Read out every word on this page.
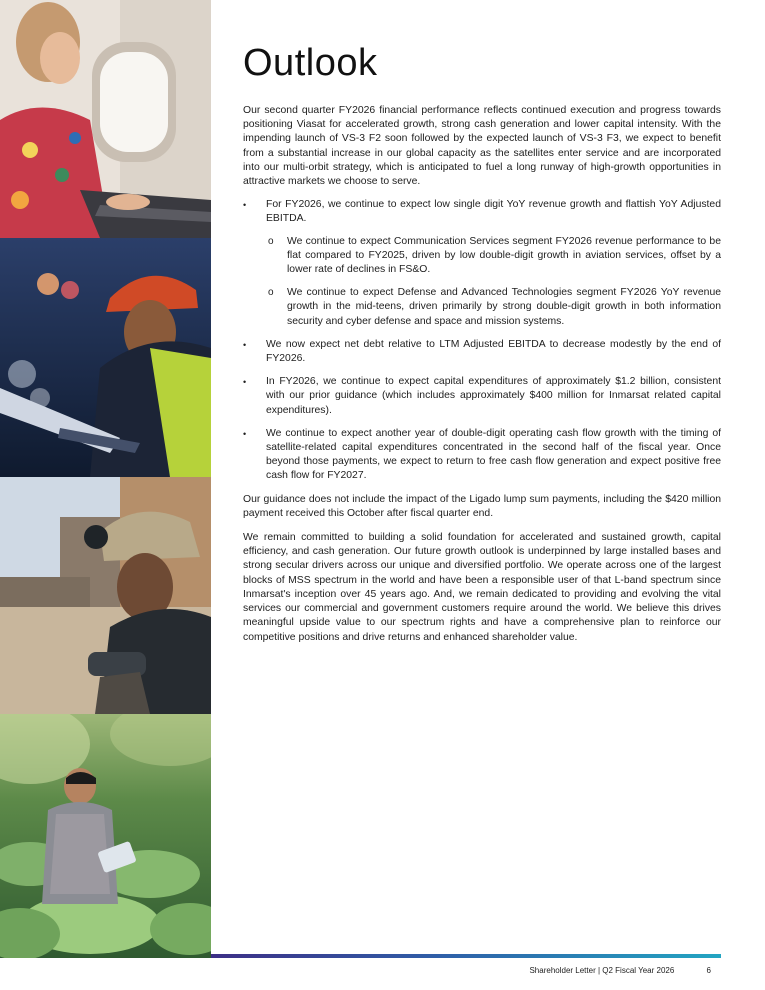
Outlook

Our second quarter FY2026 financial performance reflects continued execution and progress towards positioning Viasat for accelerated growth, strong cash generation and lower capital intensity. With the impending launch of VS-3 F2 soon followed by the expected launch of VS-3 F3, we expect to benefit from a substantial increase in our global capacity as the satellites enter service and are incorporated into our multi-orbit strategy, which is anticipated to fuel a long runway of high-growth opportunities in attractive markets we choose to serve.

• For FY2026, we continue to expect low single digit YoY revenue growth and flattish YoY Adjusted EBITDA.
o We continue to expect Communication Services segment FY2026 revenue performance to be flat compared to FY2025, driven by low double-digit growth in aviation services, offset by a lower rate of declines in FS&O.
o We continue to expect Defense and Advanced Technologies segment FY2026 YoY revenue growth in the mid-teens, driven primarily by strong double-digit growth in both information security and cyber defense and space and mission systems.
• We now expect net debt relative to LTM Adjusted EBITDA to decrease modestly by the end of FY2026.
• In FY2026, we continue to expect capital expenditures of approximately $1.2 billion, consistent with our prior guidance (which includes approximately $400 million for Inmarsat related capital expenditures).
• We continue to expect another year of double-digit operating cash flow growth with the timing of satellite-related capital expenditures concentrated in the second half of the fiscal year. Once beyond those payments, we expect to return to free cash flow generation and expect positive free cash flow for FY2027.

Our guidance does not include the impact of the Ligado lump sum payments, including the $420 million payment received this October after fiscal quarter end.

We remain committed to building a solid foundation for accelerated and sustained growth, capital efficiency, and cash generation. Our future growth outlook is underpinned by large installed bases and strong secular drivers across our unique and diversified portfolio. We operate across one of the largest blocks of MSS spectrum in the world and have been a responsible user of that L-band spectrum since Inmarsat's inception over 45 years ago. And, we remain dedicated to providing and evolving the vital services our commercial and government customers require around the world. We believe this drives meaningful upside value to our spectrum rights and have a comprehensive plan to reinforce our competitive positions and drive returns and enhanced shareholder value.

Shareholder Letter | Q2 Fiscal Year 2026	6
